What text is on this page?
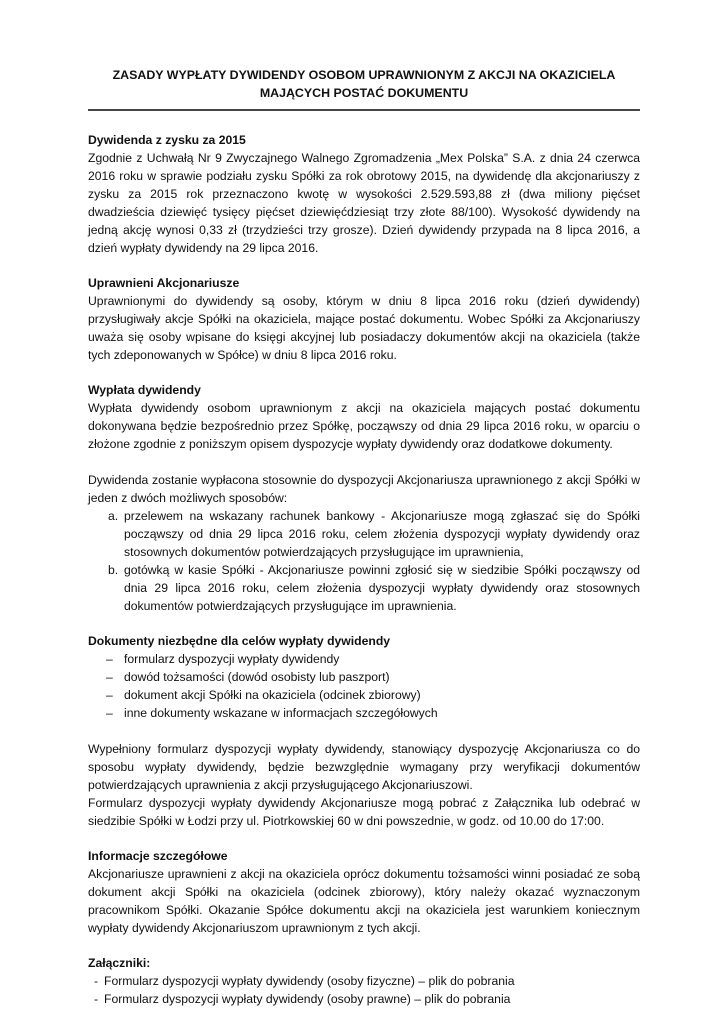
ZASADY WYPŁATY DYWIDENDY OSOBOM UPRAWNIONYM Z AKCJI NA OKAZICIELA
MAJĄCYCH POSTAĆ DOKUMENTU

Dywidenda z zysku za 2015

Zgodnie z Uchwałą Nr 9 Zwyczajnego Walnego Zgromadzenia „Mex Polska” S.A. z dnia 24 czerwca 2016 roku w sprawie podziału zysku Spółki za rok obrotowy 2015, na dywidendę dla akcjonariuszy z zysku za 2015 rok przeznaczono kwotę w wysokości 2.529.593,88 zł (dwa miliony pięćset dwadzieścia dziewięć tysięcy pięćset dziewięćdziesiąt trzy złote 88/100). Wysokość dywidendy na jedną akcję wynosi 0,33 zł (trzydzieści trzy grosze). Dzień dywidendy przypada na 8 lipca 2016, a dzień wypłaty dywidendy na 29 lipca 2016.

Uprawnieni Akcjonariusze

Uprawnionymi do dywidendy są osoby, którym w dniu 8 lipca 2016 roku (dzień dywidendy) przysługiwały akcje Spółki na okaziciela, mające postać dokumentu. Wobec Spółki za Akcjonariuszy uważa się osoby wpisane do księgi akcyjnej lub posiadaczy dokumentów akcji na okaziciela (także tych zdeponowanych w Spółce) w dniu 8 lipca 2016 roku.

Wypłata dywidendy

Wypłata dywidendy osobom uprawnionym z akcji na okaziciela mających postać dokumentu dokonywana będzie bezpośrednio przez Spółkę, począwszy od dnia 29 lipca 2016 roku, w oparciu o złożone zgodnie z poniższym opisem dyspozycje wypłaty dywidendy oraz dodatkowe dokumenty.

Dywidenda zostanie wypłacona stosownie do dyspozycji Akcjonariusza uprawnionego z akcji Spółki w jeden z dwóch możliwych sposobów:

a. przelewem na wskazany rachunek bankowy - Akcjonariusze mogą zgłaszać się do Spółki począwszy od dnia 29 lipca 2016 roku, celem złożenia dyspozycji wypłaty dywidendy oraz stosownych dokumentów potwierdzających przysługujące im uprawnienia,
b. gotówką w kasie Spółki - Akcjonariusze powinni zgłosić się w siedzibie Spółki począwszy od dnia 29 lipca 2016 roku, celem złożenia dyspozycji wypłaty dywidendy oraz stosownych dokumentów potwierdzających przysługujące im uprawnienia.

Dokumenty niezbędne dla celów wypłaty dywidendy

– formularz dyspozycji wypłaty dywidendy
– dowód tożsamości (dowód osobisty lub paszport)
– dokument akcji Spółki na okaziciela (odcinek zbiorowy)
– inne dokumenty wskazane w informacjach szczegółowych

Wypełniony formularz dyspozycji wypłaty dywidendy, stanowiący dyspozycję Akcjonariusza co do sposobu wypłaty dywidendy, będzie bezwzględnie wymagany przy weryfikacji dokumentów potwierdzających uprawnienia z akcji przysługującego Akcjonariuszowi.

Formularz dyspozycji wypłaty dywidendy Akcjonariusze mogą pobrać z Załącznika lub odebrać w siedzibie Spółki w Łodzi przy ul. Piotrkowskiej 60 w dni powszednie, w godz. od 10.00 do 17:00.

Informacje szczegółowe

Akcjonariusze uprawnieni z akcji na okaziciela oprócz dokumentu tożsamości winni posiadać ze sobą dokument akcji Spółki na okaziciela (odcinek zbiorowy), który należy okazać wyznaczonym pracownikom Spółki. Okazanie Spółce dokumentu akcji na okaziciela jest warunkiem koniecznym wypłaty dywidendy Akcjonariuszom uprawnionym z tych akcji.

Załączniki:

- Formularz dyspozycji wypłaty dywidendy (osoby fizyczne) – plik do pobrania
- Formularz dyspozycji wypłaty dywidendy (osoby prawne) – plik do pobrania
